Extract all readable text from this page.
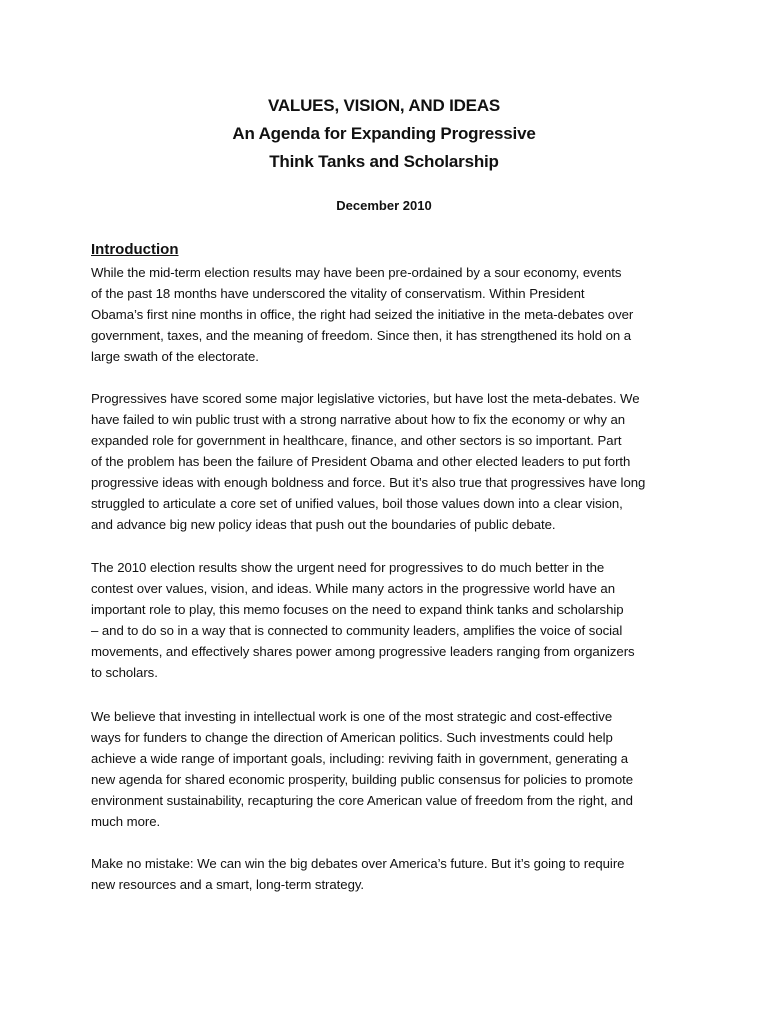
VALUES, VISION, AND IDEAS
An Agenda for Expanding Progressive
Think Tanks and Scholarship
December 2010
Introduction
While the mid-term election results may have been pre-ordained by a sour economy, events
of the past 18 months have underscored the vitality of conservatism. Within President
Obama’s first nine months in office, the right had seized the initiative in the meta-debates over
government, taxes, and the meaning of freedom. Since then, it has strengthened its hold on a
large swath of the electorate.
Progressives have scored some major legislative victories, but have lost the meta-debates. We
have failed to win public trust with a strong narrative about how to fix the economy or why an
expanded role for government in healthcare, finance, and other sectors is so important. Part
of the problem has been the failure of President Obama and other elected leaders to put forth
progressive ideas with enough boldness and force. But it’s also true that progressives have long
struggled to articulate a core set of unified values, boil those values down into a clear vision,
and advance big new policy ideas that push out the boundaries of public debate.
The 2010 election results show the urgent need for progressives to do much better in the
contest over values, vision, and ideas. While many actors in the progressive world have an
important role to play, this memo focuses on the need to expand think tanks and scholarship
– and to do so in a way that is connected to community leaders, amplifies the voice of social
movements, and effectively shares power among progressive leaders ranging from organizers
to scholars.
We believe that investing in intellectual work is one of the most strategic and cost-effective
ways for funders to change the direction of American politics. Such investments could help
achieve a wide range of important goals, including: reviving faith in government, generating a
new agenda for shared economic prosperity, building public consensus for policies to promote
environment sustainability, recapturing the core American value of freedom from the right, and
much more.
Make no mistake: We can win the big debates over America’s future. But it’s going to require
new resources and a smart, long-term strategy.
